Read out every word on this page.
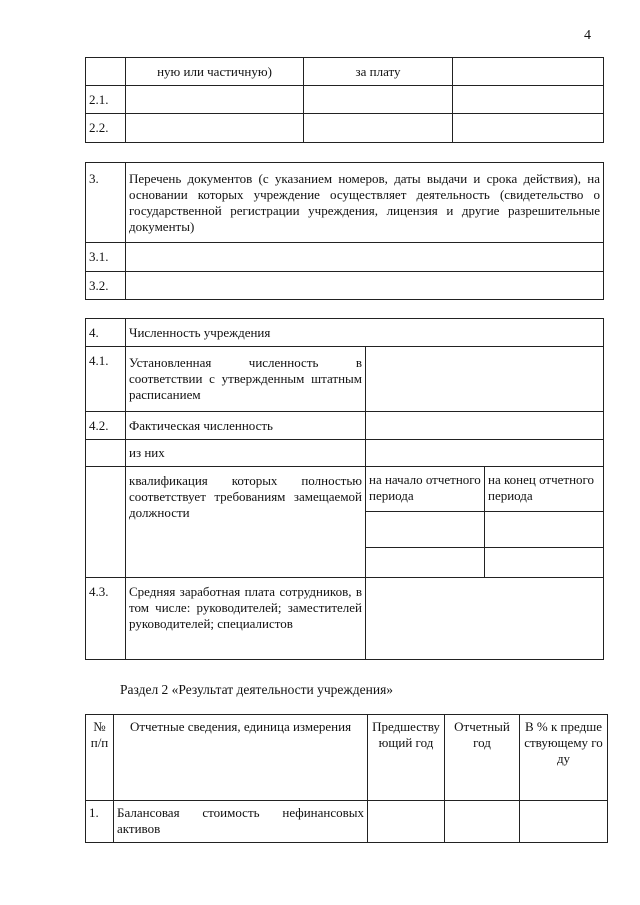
4
	ную или частичную)	за плату	
2.1.			
2.2.			
3.	Перечень документов (с указанием номеров, даты выдачи и срока действия), на основании которых учреждение осуществляет деятельность (свидетельство о государственной регистрации учреждения, лицензия и другие разрешительные документы)
3.1.	
3.2.	
4.	Численность учреждения		
4.1.	Установленная численность в соответствии с утвержденным штатным расписанием		
4.2.	Фактическая численность		
	из них		
	квалификация которых полностью соответствует требованиям замещаемой должности	на начало отчетного периода	на конец отчетного периода

4.3.	Средняя заработная плата сотрудников, в том числе: руководителей; заместителей руководителей; специалистов		
Раздел 2 «Результат деятельности учреждения»
№ п/п	Отчетные сведения, единица измерения	Предшествующий год	Отчетный год	В % к предшествующему году
1.	Балансовая стоимость нефинансовых активов			
